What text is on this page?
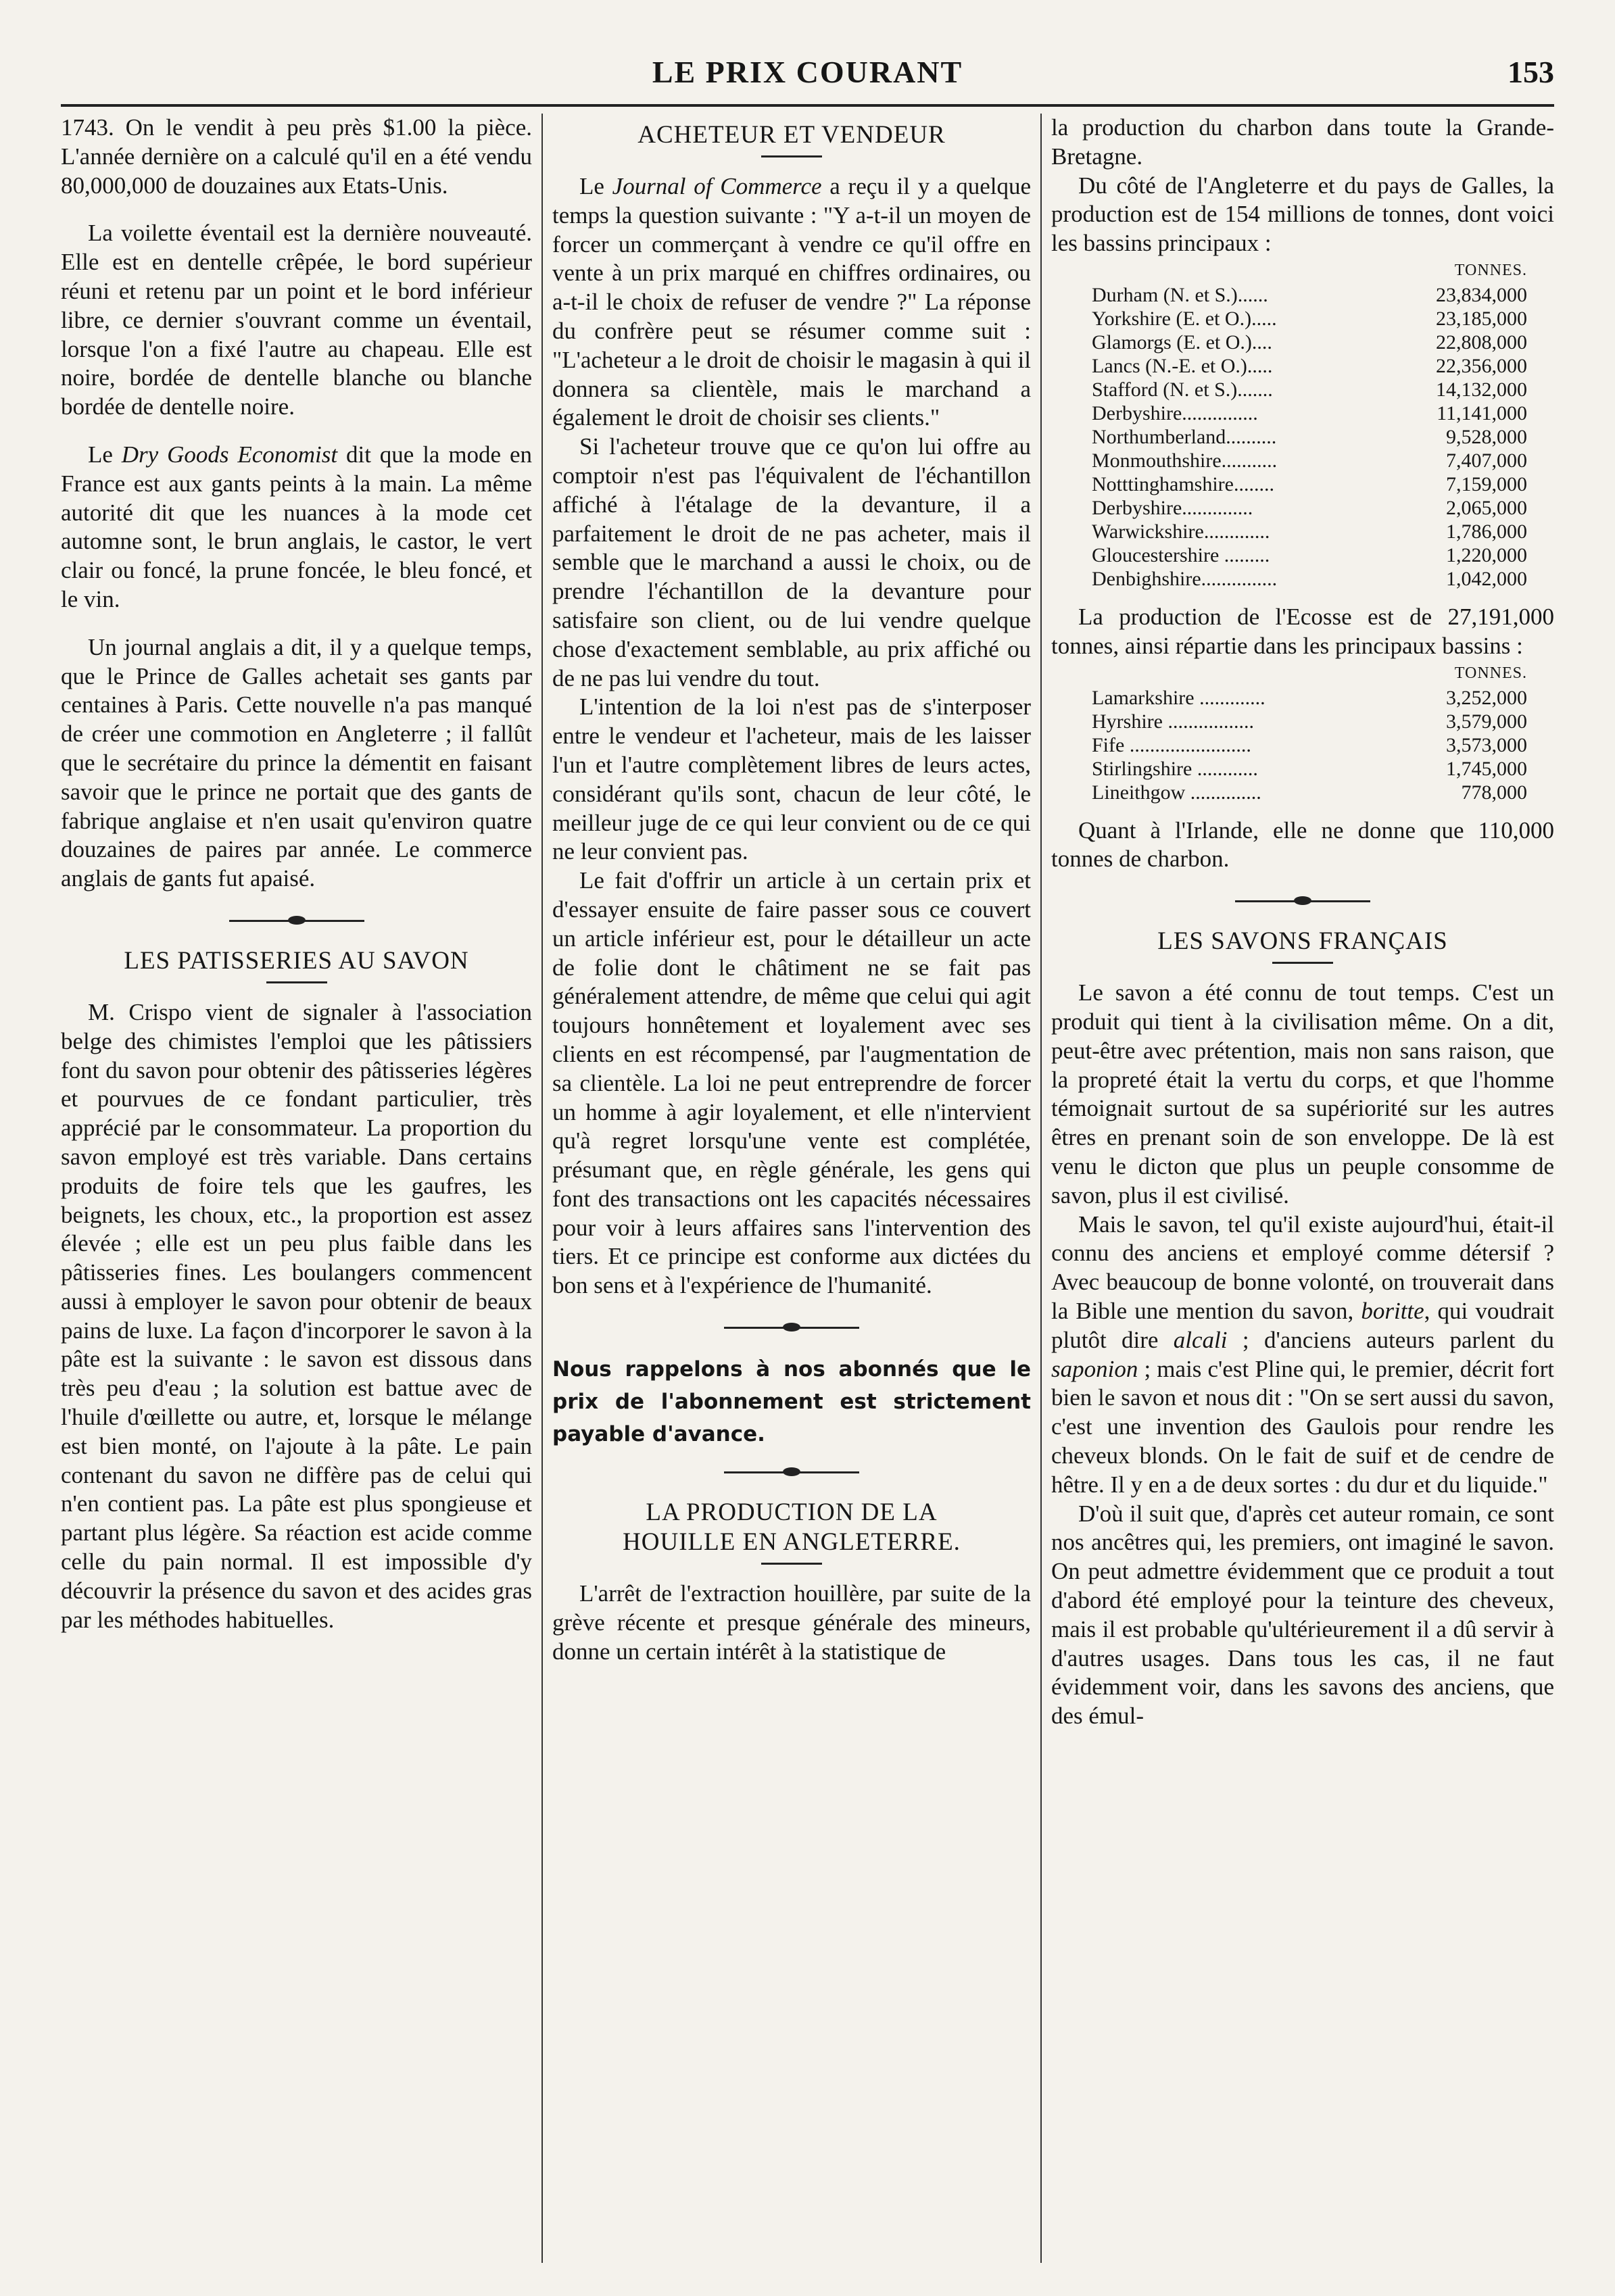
LE PRIX COURANT	153

1743. On le vendit à peu près $1.00 la pièce. L'année dernière on a calculé qu'il en a été vendu 80,000,000 de douzaines aux Etats-Unis.

La voilette éventail est la dernière nouveauté. Elle est en dentelle crêpée, le bord supérieur réuni et retenu par un point et le bord inférieur libre, ce dernier s'ouvrant comme un éventail, lorsque l'on a fixé l'autre au chapeau. Elle est noire, bordée de dentelle blanche ou blanche bordée de dentelle noire.

Le Dry Goods Economist dit que la mode en France est aux gants peints à la main. La même autorité dit que les nuances à la mode cet automne sont, le brun anglais, le castor, le vert clair ou foncé, la prune foncée, le bleu foncé, et le vin.

Un journal anglais a dit, il y a quelque temps, que le Prince de Galles achetait ses gants par centaines à Paris. Cette nouvelle n'a pas manqué de créer une commotion en Angleterre ; il fallût que le secrétaire du prince la démentit en faisant savoir que le prince ne portait que des gants de fabrique anglaise et n'en usait qu'environ quatre douzaines de paires par année. Le commerce anglais de gants fut apaisé.

LES PATISSERIES AU SAVON

M. Crispo vient de signaler à l'association belge des chimistes l'emploi que les pâtissiers font du savon pour obtenir des pâtisseries légères et pourvues de ce fondant particulier, très apprécié par le consommateur. La proportion du savon employé est très variable. Dans certains produits de foire tels que les gaufres, les beignets, les choux, etc., la proportion est assez élevée ; elle est un peu plus faible dans les pâtisseries fines. Les boulangers commencent aussi à employer le savon pour obtenir de beaux pains de luxe. La façon d'incorporer le savon à la pâte est la suivante : le savon est dissous dans très peu d'eau ; la solution est battue avec de l'huile d'œillette ou autre, et, lorsque le mélange est bien monté, on l'ajoute à la pâte. Le pain contenant du savon ne diffère pas de celui qui n'en contient pas. La pâte est plus spongieuse et partant plus légère. Sa réaction est acide comme celle du pain normal. Il est impossible d'y découvrir la présence du savon et des acides gras par les méthodes habituelles.

ACHETEUR ET VENDEUR

Le Journal of Commerce a reçu il y a quelque temps la question suivante : "Y a-t-il un moyen de forcer un commerçant à vendre ce qu'il offre en vente à un prix marqué en chiffres ordinaires, ou a-t-il le choix de refuser de vendre ?" La réponse du confrère peut se résumer comme suit : "L'acheteur a le droit de choisir le magasin à qui il donnera sa clientèle, mais le marchand a également le droit de choisir ses clients."

Si l'acheteur trouve que ce qu'on lui offre au comptoir n'est pas l'équivalent de l'échantillon affiché à l'étalage de la devanture, il a parfaitement le droit de ne pas acheter, mais il semble que le marchand a aussi le choix, ou de prendre l'échantillon de la devanture pour satisfaire son client, ou de lui vendre quelque chose d'exactement semblable, au prix affiché ou de ne pas lui vendre du tout.

L'intention de la loi n'est pas de s'interposer entre le vendeur et l'acheteur, mais de les laisser l'un et l'autre complètement libres de leurs actes, considérant qu'ils sont, chacun de leur côté, le meilleur juge de ce qui leur convient ou de ce qui ne leur convient pas.

Le fait d'offrir un article à un certain prix et d'essayer ensuite de faire passer sous ce couvert un article inférieur est, pour le détailleur un acte de folie dont le châtiment ne se fait pas généralement attendre, de même que celui qui agit toujours honnêtement et loyalement avec ses clients en est récompensé, par l'augmentation de sa clientèle. La loi ne peut entreprendre de forcer un homme à agir loyalement, et elle n'intervient qu'à regret lorsqu'une vente est complétée, présumant que, en règle générale, les gens qui font des transactions ont les capacités nécessaires pour voir à leurs affaires sans l'intervention des tiers. Et ce principe est conforme aux dictées du bon sens et à l'expérience de l'humanité.

Nous rappelons à nos abonnés que le prix de l'abonnement est strictement payable d'avance.
LA PRODUCTION DE LA
HOUILLE EN ANGLETERRE.

L'arrêt de l'extraction houillère, par suite de la grève récente et presque générale des mineurs, donne un certain intérêt à la statistique de

la production du charbon dans toute la Grande-Bretagne.

Du côté de l'Angleterre et du pays de Galles, la production est de 154 millions de tonnes, dont voici les bassins principaux :

TONNES.	
Durham (N. et S.)......	23,834,000
Yorkshire (E. et O.).....	23,185,000
Glamorgs (E. et O.)....	22,808,000
Lancs (N.-E. et O.).....	22,356,000
Stafford (N. et S.).......	14,132,000
Derbyshire...............	11,141,000
Northumberland..........	9,528,000
Monmouthshire...........	7,407,000
Notttinghamshire........	7,159,000
Derbyshire..............	2,065,000
Warwickshire.............	1,786,000
Gloucestershire .........	1,220,000
Denbighshire...............	1,042,000

La production de l'Ecosse est de 27,191,000 tonnes, ainsi répartie dans les principaux bassins :

TONNES.	
Lamarkshire .............	3,252,000
Hyrshire .................	3,579,000
Fife ........................	3,573,000
Stirlingshire ............	1,745,000
Lineithgow ..............	778,000

Quant à l'Irlande, elle ne donne que 110,000 tonnes de charbon.

LES SAVONS FRANÇAIS

Le savon a été connu de tout temps. C'est un produit qui tient à la civilisation même. On a dit, peut-être avec prétention, mais non sans raison, que la propreté était la vertu du corps, et que l'homme témoignait surtout de sa supériorité sur les autres êtres en prenant soin de son enveloppe. De là est venu le dicton que plus un peuple consomme de savon, plus il est civilisé.

Mais le savon, tel qu'il existe aujourd'hui, était-il connu des anciens et employé comme détersif ? Avec beaucoup de bonne volonté, on trouverait dans la Bible une mention du savon, boritte, qui voudrait plutôt dire alcali ; d'anciens auteurs parlent du saponion ; mais c'est Pline qui, le premier, décrit fort bien le savon et nous dit : "On se sert aussi du savon, c'est une invention des Gaulois pour rendre les cheveux blonds. On le fait de suif et de cendre de hêtre. Il y en a de deux sortes : du dur et du liquide."

D'où il suit que, d'après cet auteur romain, ce sont nos ancêtres qui, les premiers, ont imaginé le savon. On peut admettre évidemment que ce produit a tout d'abord été employé pour la teinture des cheveux, mais il est probable qu'ultérieurement il a dû servir à d'autres usages. Dans tous les cas, il ne faut évidemment voir, dans les savons des anciens, que des émul-
